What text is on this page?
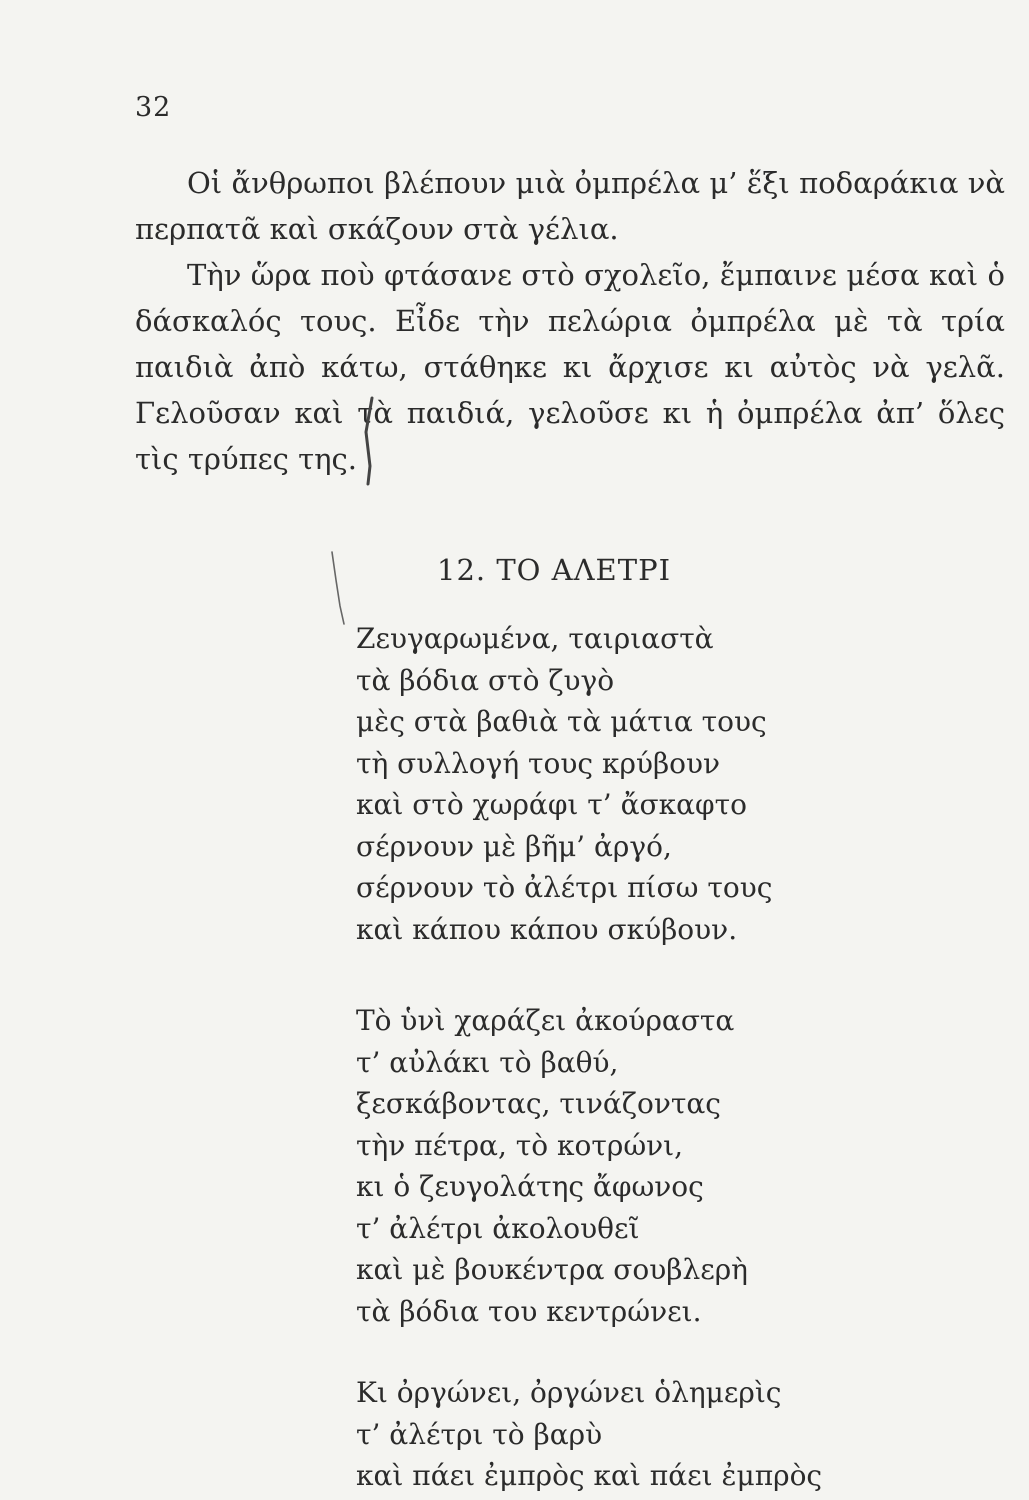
32

Οἱ ἄνθρωποι βλέπουν μιὰ ὀμπρέλα μ’ ἕξι ποδαράκια νὰ περπατᾶ καὶ σκάζουν στὰ γέλια.

Τὴν ὥρα ποὺ φτάσανε στὸ σχολεῖο, ἔμπαινε μέσα καὶ ὁ δάσκαλός τους. Εἶδε τὴν πελώρια ὀμπρέλα μὲ τὰ τρία παιδιὰ ἀπὸ κάτω, στάθηκε κι ἄρχισε κι αὐτὸς νὰ γελᾶ. Γελοῦσαν καὶ τὰ παιδιά, γελοῦσε κι ἡ ὀμπρέλα ἀπ’ ὅλες τὶς τρύπες της.

12. ΤΟ ΑΛΕΤΡΙ
Ζευγαρωμένα, ταιριαστὰ
τὰ βόδια στὸ ζυγὸ
μὲς στὰ βαθιὰ τὰ μάτια τους
τὴ συλλογή τους κρύβουν
καὶ στὸ χωράφι τ’ ἄσκαφτο
σέρνουν μὲ βῆμ’ ἀργό,
σέρνουν τὸ ἀλέτρι πίσω τους
καὶ κάπου κάπου σκύβουν.
Τὸ ὑνὶ χαράζει ἀκούραστα
τ’ αὐλάκι τὸ βαθύ,
ξεσκάβοντας, τινάζοντας
τὴν πέτρα, τὸ κοτρώνι,
κι ὁ ζευγολάτης ἄφωνος
τ’ ἀλέτρι ἀκολουθεῖ
καὶ μὲ βουκέντρα σουβλερὴ
τὰ βόδια του κεντρώνει.
Κι ὀργώνει, ὀργώνει ὁλημερὶς
τ’ ἀλέτρι τὸ βαρὺ
καὶ πάει ἐμπρὸς καὶ πάει ἐμπρὸς
